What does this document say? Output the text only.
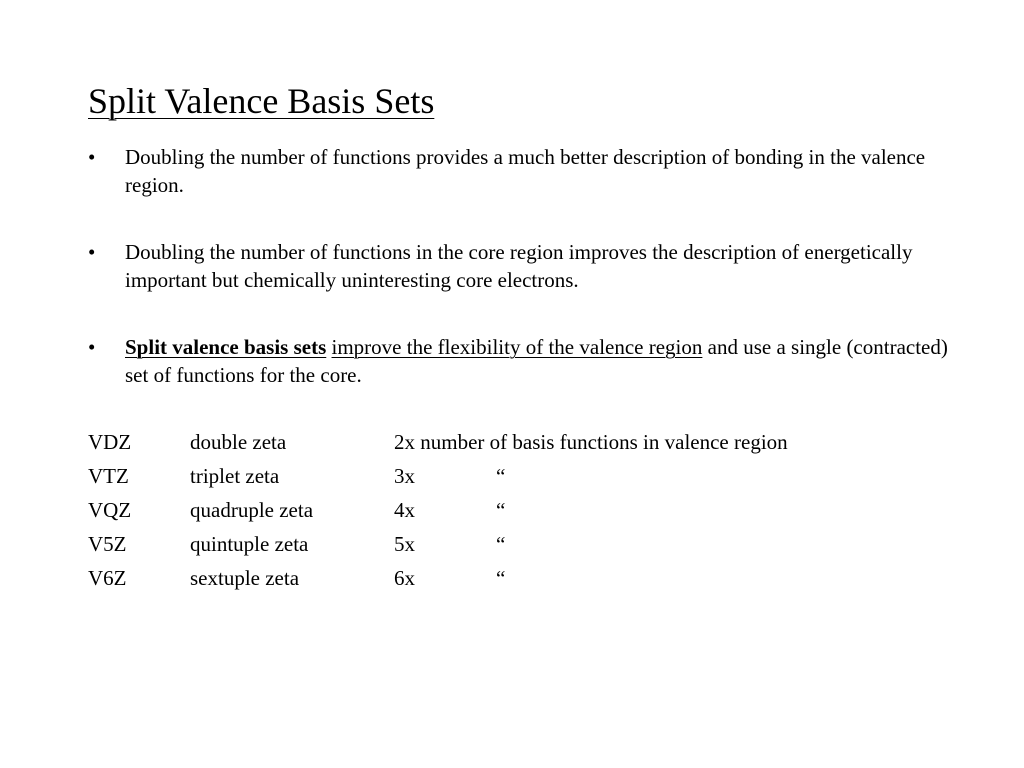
Split Valence Basis Sets
• Doubling the number of functions provides a much better description of bonding in the valence region.
• Doubling the number of functions in the core region improves the description of energetically important but chemically uninteresting core electrons.
• Split valence basis sets improve the flexibility of the valence region and use a single (contracted) set of functions for the core.
VDZ	double zeta	2x number of basis functions in valence region
VTZ	triplet zeta	3x	“
VQZ	quadruple zeta	4x	“
V5Z	quintuple zeta	5x	“
V6Z	sextuple zeta	6x	“
